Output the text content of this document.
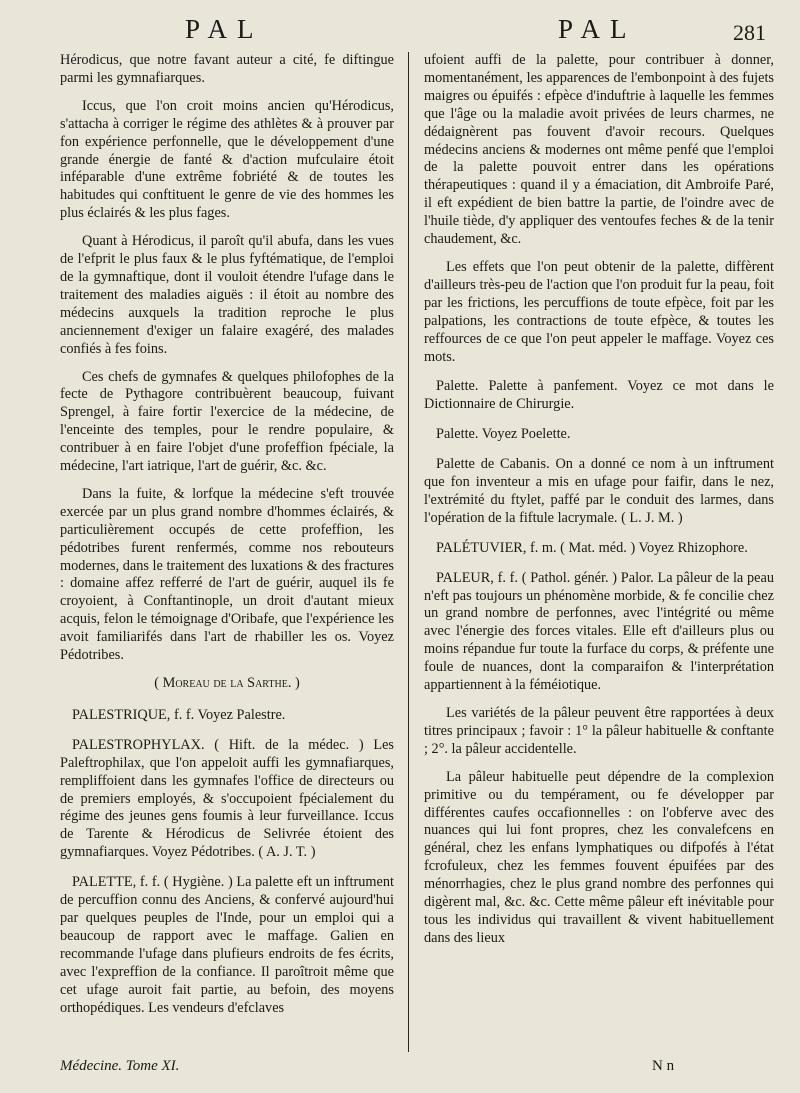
PAL	PAL	281

Hérodicus, que notre favant auteur a cité, fe diftingue parmi les gymnafiarques.

Iccus, que l'on croit moins ancien qu'Hérodicus, s'attacha à corriger le régime des athlètes & à prouver par fon expérience perfonnelle, que le développement d'une grande énergie de fanté & d'action mufculaire étoit inféparable d'une extrême fobriété & de toutes les habitudes qui conftituent le genre de vie des hommes les plus éclairés & les plus fages.

Quant à Hérodicus, il paroît qu'il abufa, dans les vues de l'efprit le plus faux & le plus fyftématique, de l'emploi de la gymnaftique, dont il vouloit étendre l'ufage dans le traitement des maladies aiguës : il étoit au nombre des médecins auxquels la tradition reproche le plus anciennement d'exiger un falaire exagéré, des malades confiés à fes foins.

Ces chefs de gymnafes & quelques philofophes de la fecte de Pythagore contribuèrent beaucoup, fuivant Sprengel, à faire fortir l'exercice de la médecine, de l'enceinte des temples, pour le rendre populaire, & contribuer à en faire l'objet d'une profeffion fpéciale, la médecine, l'art iatrique, l'art de guérir, &c. &c.

Dans la fuite, & lorfque la médecine s'eft trouvée exercée par un plus grand nombre d'hommes éclairés, & particulièrement occupés de cette profeffion, les pédotribes furent renfermés, comme nos rebouteurs modernes, dans le traitement des luxations & des fractures : domaine affez refferré de l'art de guérir, auquel ils fe croyoient, à Conftantinople, un droit d'autant mieux acquis, felon le témoignage d'Oribafe, que l'expérience les avoit familiarifés dans l'art de rhabiller les os. Voyez Pédotribes.

( Moreau de la Sarthe. )

PALESTRIQUE, f. f. Voyez Palestre.

PALESTROPHYLAX. ( Hift. de la médec. ) Les Paleftrophilax, que l'on appeloit auffi les gymnafiarques, rempliffoient dans les gymnafes l'office de directeurs ou de premiers employés, & s'occupoient fpécialement du régime des jeunes gens foumis à leur furveillance. Iccus de Tarente & Hérodicus de Selivrée étoient des gymnafiarques. Voyez Pédotribes. ( A. J. T. )

PALETTE, f. f. ( Hygiène. ) La palette eft un inftrument de percuffion connu des Anciens, & confervé aujourd'hui par quelques peuples de l'Inde, pour un emploi qui a beaucoup de rapport avec le maffage. Galien en recommande l'ufage dans plufieurs endroits de fes écrits, avec l'expreffion de la confiance. Il paroîtroit même que cet ufage auroit fait partie, au befoin, des moyens orthopédiques. Les vendeurs d'efclaves

ufoient auffi de la palette, pour contribuer à donner, momentanément, les apparences de l'embonpoint à des fujets maigres ou épuifés : efpèce d'induftrie à laquelle les femmes que l'âge ou la maladie avoit privées de leurs charmes, ne dédaignèrent pas fouvent d'avoir recours. Quelques médecins anciens & modernes ont même penfé que l'emploi de la palette pouvoit entrer dans les opérations thérapeutiques : quand il y a émaciation, dit Ambroife Paré, il eft expédient de bien battre la partie, de l'oindre avec de l'huile tiède, d'y appliquer des ventoufes feches & de la tenir chaudement, &c.

Les effets que l'on peut obtenir de la palette, diffèrent d'ailleurs très-peu de l'action que l'on produit fur la peau, foit par les frictions, les percuffions de toute efpèce, foit par les palpations, les contractions de toute efpèce, & toutes les reffources de ce que l'on peut appeler le maffage. Voyez ces mots.

Palette. Palette à panfement. Voyez ce mot dans le Dictionnaire de Chirurgie.

Palette. Voyez Poelette.

Palette de Cabanis. On a donné ce nom à un inftrument que fon inventeur a mis en ufage pour faifir, dans le nez, l'extrémité du ftylet, paffé par le conduit des larmes, dans l'opération de la fiftule lacrymale. ( L. J. M. )

PALÉTUVIER, f. m. ( Mat. méd. ) Voyez Rhizophore.

PALEUR, f. f. ( Pathol. génér. ) Palor. La pâleur de la peau n'eft pas toujours un phénomène morbide, & fe concilie chez un grand nombre de perfonnes, avec l'intégrité ou même avec l'énergie des forces vitales. Elle eft d'ailleurs plus ou moins répandue fur toute la furface du corps, & préfente une foule de nuances, dont la comparaifon & l'interprétation appartiennent à la féméiotique.

Les variétés de la pâleur peuvent être rapportées à deux titres principaux ; favoir : 1° la pâleur habituelle & conftante ; 2°. la pâleur accidentelle.

La pâleur habituelle peut dépendre de la complexion primitive ou du tempérament, ou fe développer par différentes caufes occafionnelles : on l'obferve avec des nuances qui lui font propres, chez les convalefcens en général, chez les enfans lymphatiques ou difpofés à l'état fcrofuleux, chez les femmes fouvent épuifées par des ménorrhagies, chez le plus grand nombre des perfonnes qui digèrent mal, &c. &c. Cette même pâleur eft inévitable pour tous les individus qui travaillent & vivent habituellement dans des lieux

Médecine. Tome XI.	N n
